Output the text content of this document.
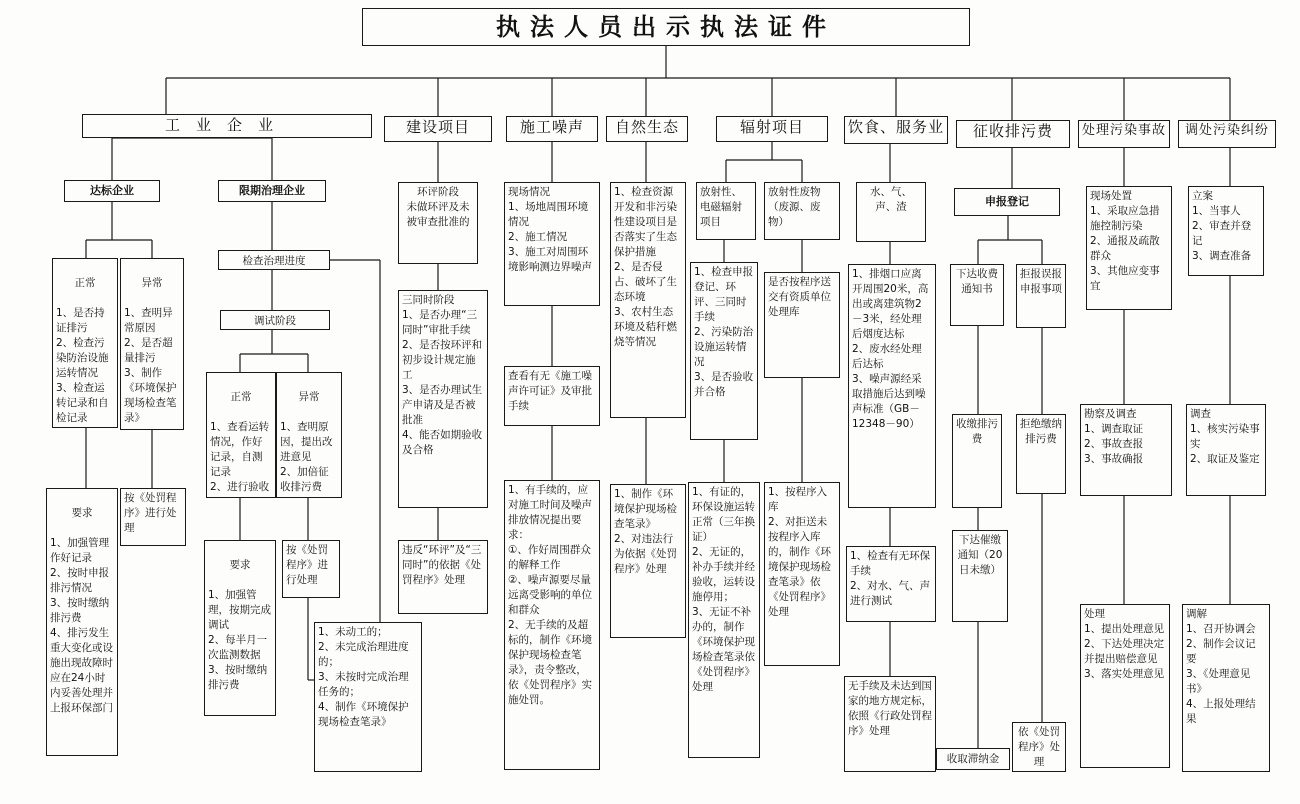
执法人员出示执法证件
工业企业	建设项目	施工噪声	自然生态	辐射项目	饮食、服务业	征收排污费	处理污染事故	调处污染纠纷
达标企业

正常

1、是否持证排污
2、检查污染防治设施运转情况
3、检查运转记录和自检记录

异常

1、查明异常原因
2、是否超量排污
3、制作《环境保护现场检查笔录》

要求

1、加强管理作好记录
2、按时申报排污情况
3、按时缴纳排污费
4、排污发生重大变化或设施出现故障时应在24小时内妥善处理并上报环保部门

按《处罚程序》进行处理
限期治理企业
检查治理进度
调试阶段

正常

1、查看运转情况，作好记录，自测记录
2、进行验收

异常

1、查明原因，提出改进意见
2、加倍征收排污费

要求

1、加强管理，按期完成调试
2、每半月一次监测数据
3、按时缴纳排污费

按《处罚程序》进行处理
1、未动工的；
2、未完成治理进度的；
3、未按时完成治理任务的；
4、制作《环境保护现场检查笔录》
环评阶段
未做环评及未被审查批准的
三同时阶段
1、是否办理“三同时”审批手续
2、是否按环评和初步设计规定施工
3、是否办理试生产申请及是否被批准
4、能否如期验收及合格
违反“环评”及“三同时”的依据《处罚程序》处理
现场情况
1、场地周围环境情况
2、施工情况
3、施工对周围环境影响测边界噪声
查看有无《施工噪声许可证》及审批手续
1、有手续的，应对施工时间及噪声排放情况提出要求：
①、作好周围群众的解释工作
②、噪声源要尽量远离受影响的单位和群众
2、无手续的及超标的，制作《环境保护现场检查笔录》，责令整改，依《处罚程序》实施处罚。
1、检查资源开发和非污染性建设项目是否落实了生态保护措施
2、是否侵占、破坏了生态环境
3、农村生态环境及秸秆燃烧等情况
1、制作《环境保护现场检查笔录》
2、对违法行为依据《处罚程序》处理
放射性、电磁辐射项目
1、检查申报登记、环评、三同时手续
2、污染防治设施运转情况
3、是否验收并合格
1、有证的，环保设施运转正常（三年换证）
2、无证的，补办手续并经验收，运转设施停用；
3、无证不补办的，制作《环境保护现场检查笔录依《处罚程序》处理
放射性废物（废源、废物）
是否按程序送交有资质单位处理库
1、按程序入库
2、对拒送未按程序入库的，制作《环境保护现场检查笔录》依《处罚程序》处理
水、气、声、渣
1、排烟口应离开周围20米，高出或离建筑物2－3米，经处理后烟度达标
2、废水经处理后达标
3、噪声源经采取措施后达到噪声标准（GB－12348－90）
1、检查有无环保手续
2、对水、气、声进行测试
无手续及未达到国家的地方规定标，依照《行政处罚程序》处理
申报登记
下达收费通知书
拒报误报申报事项
收缴排污费
拒绝缴纳排污费
下达催缴通知（20日未缴）
收取滞纳金
依《处罚程序》处理
现场处置
1、采取应急措施控制污染
2、通报及疏散群众
3、其他应变事宜
勘察及调查
1、调查取证
2、事故查报
3、事故确报
处理
1、提出处理意见
2、下达处理决定并提出赔偿意见
3、落实处理意见
立案
1、当事人
2、审查并登记
3、调查准备
调查
1、核实污染事实
2、取证及鉴定
调解
1、召开协调会
2、制作会议记要
3、《处理意见书》
4、上报处理结果
